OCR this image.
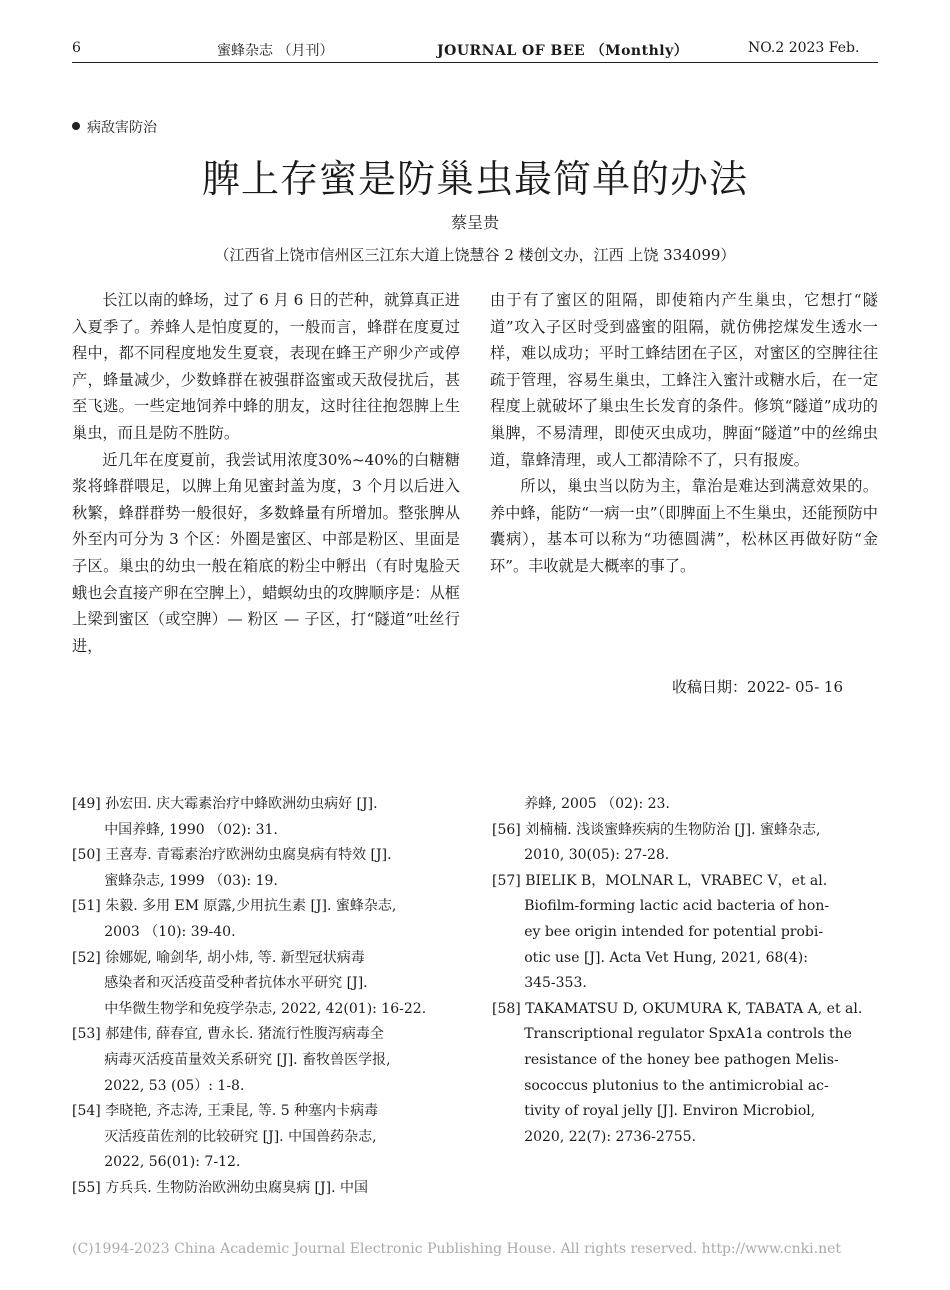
6	蜜蜂杂志 （月刊）	JOURNAL OF BEE （Monthly）	NO.2 2023 Feb.
病敌害防治
脾上存蜜是防巢虫最简单的办法
蔡呈贵
（江西省上饶市信州区三江东大道上饶慧谷 2 楼创文办，江西 上饶 334099）

长江以南的蜂场，过了 6 月 6 日的芒种，就算真正进入夏季了。养蜂人是怕度夏的，一般而言，蜂群在度夏过程中，都不同程度地发生夏衰，表现在蜂王产卵少产或停产，蜂量减少，少数蜂群在被强群盗蜜或天敌侵扰后，甚至飞逃。一些定地饲养中蜂的朋友，这时往往抱怨脾上生巢虫，而且是防不胜防。

近几年在度夏前，我尝试用浓度30%~40%的白糖糖浆将蜂群喂足，以脾上角见蜜封盖为度，3 个月以后进入秋繁，蜂群群势一般很好，多数蜂量有所增加。整张脾从外至内可分为 3 个区：外圈是蜜区、中部是粉区、里面是子区。巢虫的幼虫一般在箱底的粉尘中孵出（有时鬼脸天蛾也会直接产卵在空脾上），蜡螟幼虫的攻脾顺序是：从框上梁到蜜区（或空脾）— 粉区 — 子区，打“隧道”吐丝行进，

由于有了蜜区的阻隔，即使箱内产生巢虫，它想打“隧道”攻入子区时受到盛蜜的阻隔，就仿佛挖煤发生透水一样，难以成功；平时工蜂结团在子区，对蜜区的空脾往往疏于管理，容易生巢虫，工蜂注入蜜汁或糖水后，在一定程度上就破坏了巢虫生长发育的条件。修筑“隧道”成功的巢脾，不易清理，即使灭虫成功，脾面“隧道”中的丝绵虫道，靠蜂清理，或人工都清除不了，只有报废。

所以，巢虫当以防为主，靠治是难达到满意效果的。养中蜂，能防“一病一虫”（即脾面上不生巢虫，还能预防中囊病），基本可以称为“功德圆满”，松林区再做好防“金环”。丰收就是大概率的事了。

收稿日期：2022- 05- 16

[49] 孙宏田. 庆大霉素治疗中蜂欧洲幼虫病好 [J].

中国养蜂, 1990 （02): 31.

[50] 王喜寿. 青霉素治疗欧洲幼虫腐臭病有特效 [J].

蜜蜂杂志, 1999 （03): 19.

[51] 朱毅. 多用 EM 原露,少用抗生素 [J]. 蜜蜂杂志,

2003 （10): 39-40.

[52] 徐娜妮, 喻剑华, 胡小炜, 等. 新型冠状病毒

感染者和灭活疫苗受种者抗体水平研究 [J].

中华微生物学和免疫学杂志, 2022, 42(01): 16-22.

[53] 郝建伟, 薛春宜, 曹永长. 猪流行性腹泻病毒全

病毒灭活疫苗量效关系研究 [J]. 畜牧兽医学报,

2022, 53 (05）: 1-8.

[54] 李晓艳, 齐志涛, 王秉昆, 等. 5 种塞内卡病毒

灭活疫苗佐剂的比较研究 [J]. 中国兽药杂志,

2022, 56(01): 7-12.

[55] 方兵兵. 生物防治欧洲幼虫腐臭病 [J]. 中国

养蜂, 2005 （02): 23.

[56] 刘楠楠. 浅谈蜜蜂疾病的生物防治 [J]. 蜜蜂杂志,

2010, 30(05): 27-28.

[57] BIELIK B，MOLNAR L，VRABEC V，et al.

Biofilm-forming lactic acid bacteria of hon-

ey bee origin intended for potential probi-

otic use [J]. Acta Vet Hung, 2021, 68(4):

345-353.

[58] TAKAMATSU D, OKUMURA K, TABATA A, et al.

Transcriptional regulator SpxA1a controls the

resistance of the honey bee pathogen Melis-

sococcus plutonius to the antimicrobial ac-

tivity of royal jelly [J]. Environ Microbiol,

2020, 22(7): 2736-2755.

(C)1994-2023 China Academic Journal Electronic Publishing House. All rights reserved. http://www.cnki.net
